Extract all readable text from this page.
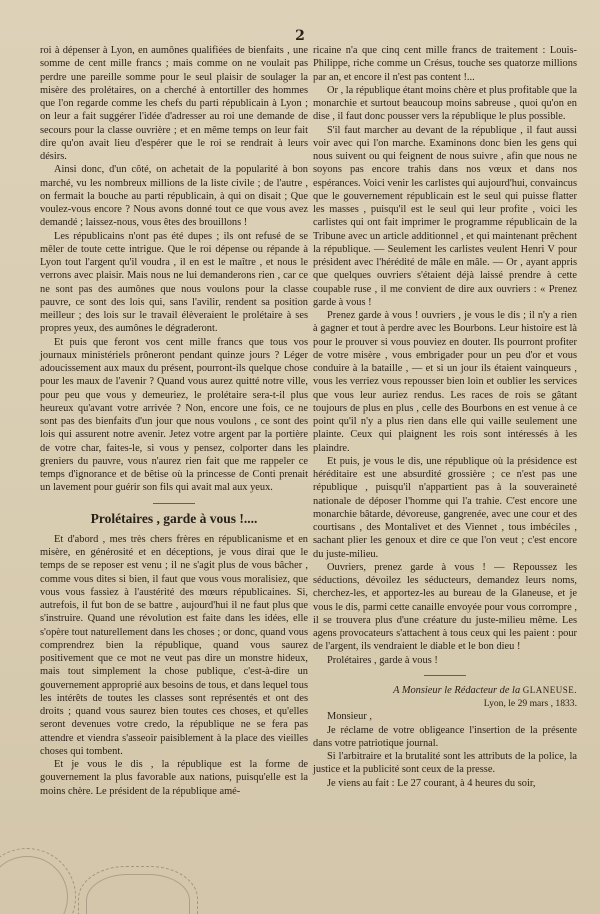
2

roi à dépenser à Lyon, en aumônes qualifiées de bienfaits , une somme de cent mille francs ; mais comme on ne voulait pas perdre une pareille somme pour le seul plaisir de soulager la misère des prolétaires, on a cherché à entortiller des hommes que l'on regarde comme les chefs du parti républicain à Lyon ; on leur a fait suggérer l'idée d'adresser au roi une demande de secours pour la classe ouvrière ; et en même temps on leur fait dire qu'on avait lieu d'espérer que le roi se rendrait à leurs désirs.

Ainsi donc, d'un côté, on achetait de la popularité à bon marché, vu les nombreux millions de la liste civile ; de l'autre , on fermait la bouche au parti républicain, à qui on disait ; Que voulez-vous encore ? Nous avons donné tout ce que vous avez demandé ; laissez-nous, vous êtes des brouillons !

Les républicains n'ont pas été dupes ; ils ont refusé de se mêler de toute cette intrigue. Que le roi dépense ou répande à Lyon tout l'argent qu'il voudra , il en est le maître , et nous le verrons avec plaisir. Mais nous ne lui demanderons rien , car ce ne sont pas des aumônes que nous voulons pour la classe pauvre, ce sont des lois qui, sans l'avilir, rendent sa position meilleur ; des lois sur le travail élèveraient le prolétaire à ses propres yeux, des aumônes le dégraderont.

Et puis que feront vos cent mille francs que tous vos journaux ministériels prôneront pendant quinze jours ? Léger adoucissement aux maux du présent, pourront-ils quelque chose pour les maux de l'avenir ? Quand vous aurez quitté notre ville, pour peu que vous y demeuriez, le prolétaire sera-t-il plus heureux qu'avant votre arrivée ? Non, encore une fois, ce ne sont pas des bienfaits d'un jour que nous voulons , ce sont des lois qui assurent notre avenir. Jetez votre argent par la portière de votre char, faites-le, si vous y pensez, colporter dans les greniers du pauvre, vous n'aurez rien fait que me rappeler ce temps d'ignorance et de bêtise où la princesse de Conti prenait un lavement pour guérir son fils qui avait mal aux yeux.

Prolétaires , garde à vous !....

Et d'abord , mes très chers frères en républicanisme et en misère, en générosité et en déceptions, je vous dirai que le temps de se reposer est venu ; il ne s'agit plus de vous bâcher , comme vous dites si bien, il faut que vous vous moralisiez, que vous vous fassiez à l'austérité des mœurs républicaines. Si, autrefois, il fut bon de se battre , aujourd'hui il ne faut plus que s'instruire. Quand une révolution est faite dans les idées, elle s'opère tout naturellement dans les choses ; or donc, quand vous comprendrez bien la république, quand vous saurez positivement que ce mot ne veut pas dire un monstre hideux, mais tout simplement la chose publique, c'est-à-dire un gouvernement approprié aux besoins de tous, et dans lequel tous les intérêts de toutes les classes sont représentés et ont des droits ; quand vous saurez bien toutes ces choses, et qu'elles seront devenues votre credo, la république ne se fera pas attendre et viendra s'asseoir paisiblement à la place des vieilles choses qui tombent.

Et je vous le dis , la république est la forme de gouvernement la plus favorable aux nations, puisqu'elle est la moins chère. Le président de la république amé-

ricaine n'a que cinq cent mille francs de traitement : Louis-Philippe, riche comme un Crésus, touche ses quatorze millions par an, et encore il n'est pas content !...

Or , la république étant moins chère et plus profitable que la monarchie et surtout beaucoup moins sabreuse , quoi qu'on en dise , il faut donc pousser vers la république le plus possible.

S'il faut marcher au devant de la république , il faut aussi voir avec qui l'on marche. Examinons donc bien les gens qui nous suivent ou qui feignent de nous suivre , afin que nous ne soyons pas encore trahis dans nos vœux et dans nos espérances. Voici venir les carlistes qui aujourd'hui, convaincus que le gouvernement républicain est le seul qui puisse flatter les masses , puisqu'il est le seul qui leur profite , voici les carlistes qui ont fait imprimer le programme républicain de la Tribune avec un article additionnel , et qui maintenant prêchent la république. — Seulement les carlistes veulent Henri V pour président avec l'hérédité de mâle en mâle. — Or , ayant appris que quelques ouvriers s'étaient déjà laissé prendre à cette coupable ruse , il me convient de dire aux ouvriers : « Prenez garde à vous !

Prenez garde à vous ! ouvriers , je vous le dis ; il n'y a rien à gagner et tout à perdre avec les Bourbons. Leur histoire est là pour le prouver si vous pouviez en douter. Ils pourront profiter de votre misère , vous embrigader pour un peu d'or et vous conduire à la bataille , — et si un jour ils étaient vainqueurs , vous les verriez vous repousser bien loin et oublier les services que vous leur auriez rendus. Les races de rois se gâtant toujours de plus en plus , celle des Bourbons en est venue à ce point qu'il n'y a plus rien dans elle qui vaille seulement une plainte. Ceux qui plaignent les rois sont intéressés à les plaindre.

Et puis, je vous le dis, une république où la présidence est héréditaire est une absurdité grossière ; ce n'est pas une république , puisqu'il n'appartient pas à la souveraineté nationale de déposer l'homme qui l'a trahie. C'est encore une monarchie bâtarde, dévoreuse, gangrenée, avec une cour et des courtisans , des Montalivet et des Viennet , tous imbéciles , sachant plier les genoux et dire ce que l'on veut ; c'est encore du juste-milieu.

Ouvriers, prenez garde à vous ! — Repoussez les séductions, dévoilez les séducteurs, demandez leurs noms, cherchez-les, et apportez-les au bureau de la Glaneuse, et je vous le dis, parmi cette canaille envoyée pour vous corrompre , il se trouvera plus d'une créature du juste-milieu même. Les agens provocateurs s'attachent à tous ceux qui les paient : pour de l'argent, ils vendraient le diable et le bon dieu !

Prolétaires , garde à vous !

A Monsieur le Rédacteur de la GLANEUSE.

Lyon, le 29 mars , 1833.

Monsieur ,

Je réclame de votre obligeance l'insertion de la présente dans votre patriotique journal.

Si l'arbitraire et la brutalité sont les attributs de la police, la justice et la publicité sont ceux de la presse.

Je viens au fait : Le 27 courant, à 4 heures du soir,
